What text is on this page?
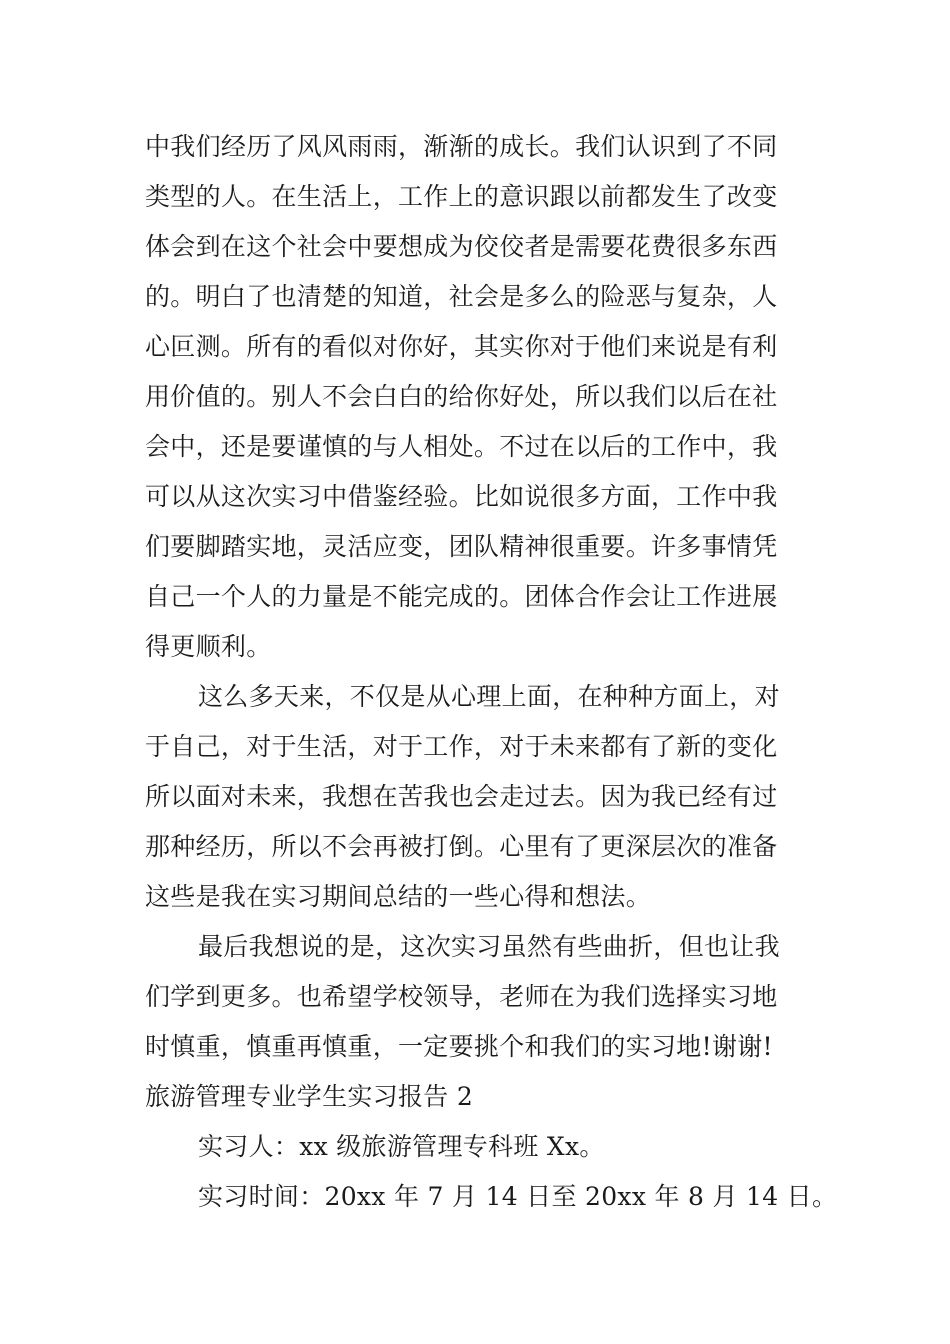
中我们经历了风风雨雨，渐渐的成长。我们认识到了不同
类型的人。在生活上，工作上的意识跟以前都发生了改变
体会到在这个社会中要想成为佼佼者是需要花费很多东西
的。明白了也清楚的知道，社会是多么的险恶与复杂，人
心叵测。所有的看似对你好，其实你对于他们来说是有利
用价值的。别人不会白白的给你好处，所以我们以后在社
会中，还是要谨慎的与人相处。不过在以后的工作中，我
可以从这次实习中借鉴经验。比如说很多方面，工作中我
们要脚踏实地，灵活应变，团队精神很重要。许多事情凭
自己一个人的力量是不能完成的。团体合作会让工作进展
得更顺利。
这么多天来，不仅是从心理上面，在种种方面上，对
于自己，对于生活，对于工作，对于未来都有了新的变化
所以面对未来，我想在苦我也会走过去。因为我已经有过
那种经历，所以不会再被打倒。心里有了更深层次的准备
这些是我在实习期间总结的一些心得和想法。
最后我想说的是，这次实习虽然有些曲折，但也让我
们学到更多。也希望学校领导，老师在为我们选择实习地
时慎重，慎重再慎重，一定要挑个和我们的实习地!谢谢!
旅游管理专业学生实习报告 2
实习人：xx 级旅游管理专科班 Xx。
实习时间：20xx 年 7 月 14 日至 20xx 年 8 月 14 日。
